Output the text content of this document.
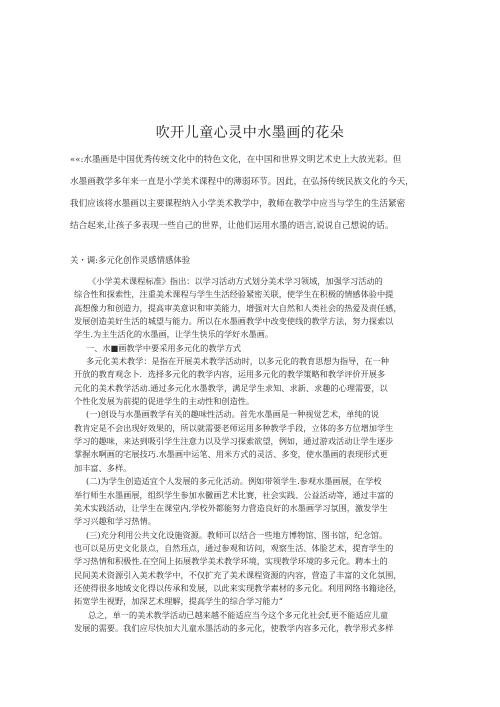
吹开儿童心灵中水墨画的花朵

««:水墨画是中国优秀传统文化中的特色文化，在中国和世界文明艺术史上大放光彩。但

水墨画教学多年来一直是小学美术课程中的薄弱环节。因此，在弘扬传统民族文化的今天，

我们应该将水墨画以主要课程纳入小学美术教学中，教师在教学中应当与学生的生活紧密

结合起来,让孩子多表现一些自己的世界，让他们运用水墨的语言,说说自己想说的话。

关・调:多元化创作灵感情感体验

《小学美术课程标准》指出：以学习活动方式划分美术学习领域，加强学习活动的

综合性和探索性，注重美术课程与学生生活经验紧密关联，使学生在积极的情感体验中提

高想像力和创造力，提高审美意识和审美能力，增强对大自然和人类社会的热爱及责任感，

发展创造美好生活的城望与能力。所以在水墨画教学中改变使线的教学方法，努力探索以

学生.为主生活化的水墨画，让学生快乐的学好水墨画。

一、水■画教学中要采用多元化的教学方式

多元化美术教学：是指在开展美术教学活动时，以多元化的教育思想为指导，在一种

开放的教育观念卜．选择多元化的教学内容，运用多元化的教学策略和教学评价开展多

元化的美术教学活动.通过多元化水墨教学，满足学生求知、求新、求趣的心理需要，以

个性化发展为前提的促进学生的主动性和创造性。

(一)创设与水墨画教学有关的趣味性活动。首先水墨画是一种视觉艺术，单纯的说

教肯定是不会出现好效果的，所以就需要老师运用多种教学手段，立体的多方位增加学生

学习的趣味，来达到吸引学生注意力以及学习探索欲望，例如，通过游戏活动让学生逐步

掌握水啊画的宅展技巧.水墨画中运笔、用米方式的灵活、多变，使水墨画的表现形式更

加丰富、多样。

(二)为学生创造适宜个人发展的多元化活动。例如带领学生.参观水墨画展，在学校

举行师生水墨画展，组织学生参加水黴画艺术比赛，社会实践、公益活动等，通过丰富的

美术实践活动，让学生在课堂内,学校外都能努力营造良好的水墨画学习氛围，激发学生

学习兴趣和学习热情。

(三)充分利用公共文化设施资源。教师可以结合一些地方博物馆、图书馆，纪念馆。

也可以是历史文化景点，自然珏点，通过参观和访问，观察生活、体脸艺术，提育学生的

学习热情和积极性.在空间上拓展教学美术教学环境，实现教学环境的多元化。聘本土的

民间美术资源引入美术教学中，不仅扩充了美术课程资源的内容，营造了丰富的文化氛围，

还使得很多地域文化得以传承和发展，以此来实现教学素材的多元化。利用网络书籍途径，

拓宽学生视野，加深艺术理解，提高学生的综合学习能力“

总之，单一的美术教学活动已越来越不能适应当今这个多元化社会f,更不能适应儿童

发展的需要。我们应尽快加大儿童水墨活动的多元化，使教学内容多元化，教学形式多样
